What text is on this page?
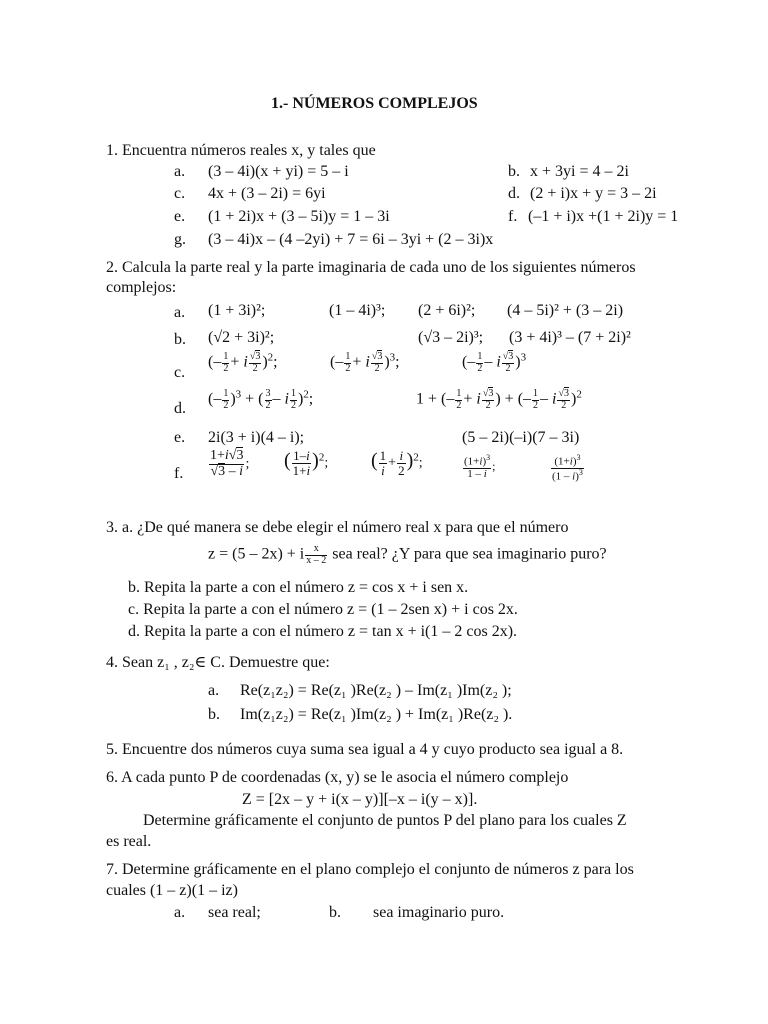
1.- NÚMEROS COMPLEJOS
1. Encuentra números reales x, y tales que
a. (3 – 4i)(x + yi) = 5 – i	b. x + 3yi = 4 – 2i
c. 4x + (3 – 2i) = 6yi	d. (2 + i)x + y = 3 – 2i
e. (1 + 2i)x + (3 – 5i)y = 1 – 3i	f. (–1 + i)x +(1 + 2i)y = 1
g. (3 – 4i)x – (4 –2yi) + 7 = 6i – 3yi + (2 – 3i)x
2. Calcula la parte real y la parte imaginaria de cada uno de los siguientes números
complejos:
a. (1 + 3i)²;	(1 – 4i)³; (2 + 6i)²; (4 – 5i)² + (3 – 2i)
b. (√2 + 3i)²;	(√3 – 2i)³; (3 + 4i)³ – (7 + 2i)²
c.
(– $\frac{1}{2} + i \frac{√3}{2} )^2$;	(– $\frac{1}{2} + i \frac{√3}{2} )^3$;	(– $\frac{1}{2}$ – i $\frac{√3}{2} )^3$
d.
(– $\frac{1}{2} )^3$ + ( $\frac{3}{2}$ – i $\frac{1}{2} )^2$;	1 + (– $\frac{1}{2} + i \frac{√3}{2}$ ) + (– $\frac{1}{2}$ – i $\frac{√3}{2} )^2$
e. 2i(3 + i)(4 – i);	(5 – 2i)(–i)(7 – 3i)
f. $\frac{1+i√3}{√3 - i}$ ; ( $\frac{1-i}{1+i} )^2$; ( $\frac{1}{i} + \frac{i}{2} )^2$;	$\frac{(1+i)^3}{1 - i}$ ;	$\frac{(1+i)^3}{(1 - i)^3}$
3. a. ¿De qué manera se debe elegir el número real x para que el número
z = (5 – 2x) + i $\frac{x}{x - 2}$ sea real? ¿Y para que sea imaginario puro?
b. Repita la parte a con el número z = cos x + i sen x.
c. Repita la parte a con el número z = (1 – 2sen x) + i cos 2x.
d. Repita la parte a con el número z = tan x + i(1 – 2 cos 2x).
4. Sean z₁ , z₂∈ C. Demuestre que:
a. Re(z₁z₂) = Re(z₁ )Re(z₂ ) – Im(z₁ )Im(z₂ );
b. Im(z₁z₂) = Re(z₁ )Im(z₂ ) + Im(z₁ )Re(z₂ ).
5. Encuentre dos números cuya suma sea igual a 4 y cuyo producto sea igual a 8.
6. A cada punto P de coordenadas (x, y) se le asocia el número complejo
Z = [2x – y + i(x – y)][–x – i(y – x)].
Determine gráficamente el conjunto de puntos P del plano para los cuales Z
es real.
7. Determine gráficamente en el plano complejo el conjunto de números z para los
cuales (1 – z)(1 – iz)
a. sea real;	b. sea imaginario puro.
